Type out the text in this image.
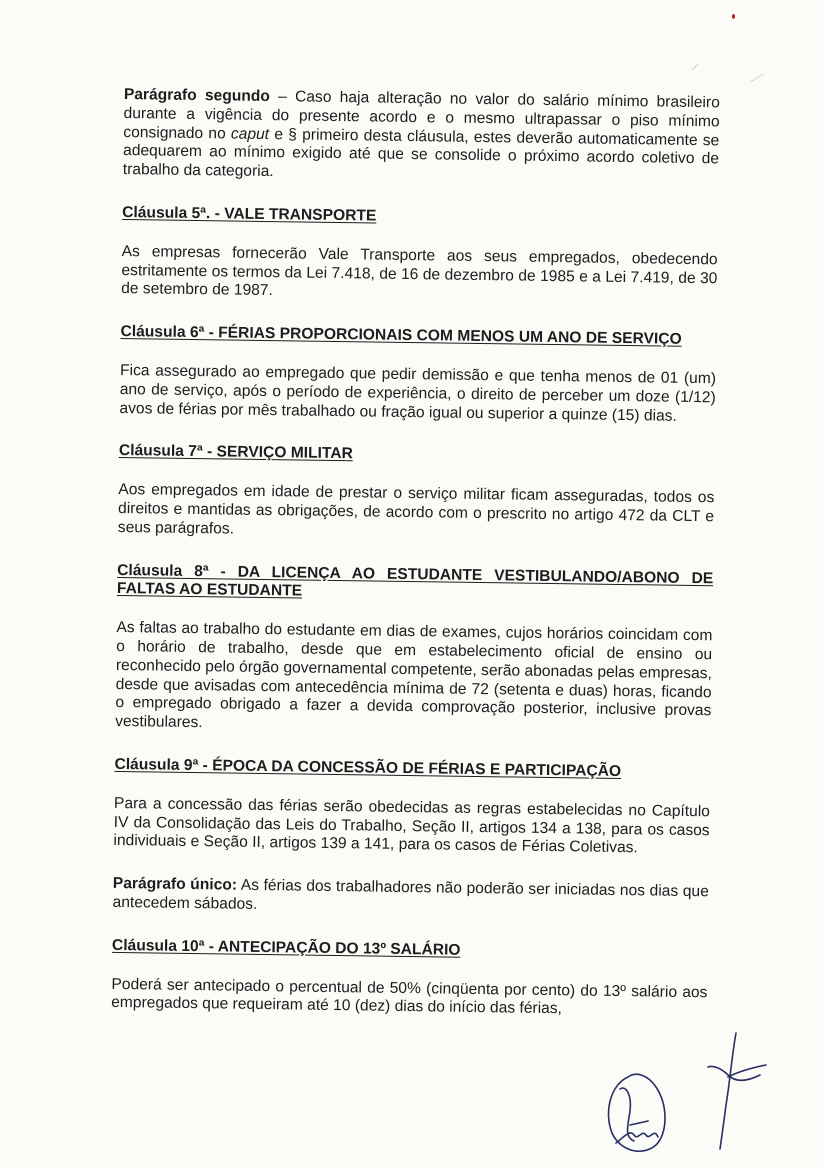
Parágrafo segundo – Caso haja alteração no valor do salário mínimo brasileiro durante a vigência do presente acordo e o mesmo ultrapassar o piso mínimo consignado no caput e § primeiro desta cláusula, estes deverão automaticamente se adequarem ao mínimo exigido até que se consolide o próximo acordo coletivo de trabalho da categoria.

Cláusula 5ª. - VALE TRANSPORTE

As empresas fornecerão Vale Transporte aos seus empregados, obedecendo estritamente os termos da Lei 7.418, de 16 de dezembro de 1985 e a Lei 7.419, de 30 de setembro de 1987.

Cláusula 6ª - FÉRIAS PROPORCIONAIS COM MENOS UM ANO DE SERVIÇO

Fica assegurado ao empregado que pedir demissão e que tenha menos de 01 (um) ano de serviço, após o período de experiência, o direito de perceber um doze (1/12) avos de férias por mês trabalhado ou fração igual ou superior a quinze (15) dias.

Cláusula 7ª - SERVIÇO MILITAR

Aos empregados em idade de prestar o serviço militar ficam asseguradas, todos os direitos e mantidas as obrigações, de acordo com o prescrito no artigo 472 da CLT e seus parágrafos.

Cláusula 8ª - DA LICENÇA AO ESTUDANTE VESTIBULANDO/ABONO DE FALTAS AO ESTUDANTE

As faltas ao trabalho do estudante em dias de exames, cujos horários coincidam com o horário de trabalho, desde que em estabelecimento oficial de ensino ou reconhecido pelo órgão governamental competente, serão abonadas pelas empresas, desde que avisadas com antecedência mínima de 72 (setenta e duas) horas, ficando o empregado obrigado a fazer a devida comprovação posterior, inclusive provas vestibulares.

Cláusula 9ª - ÉPOCA DA CONCESSÃO DE FÉRIAS E PARTICIPAÇÃO

Para a concessão das férias serão obedecidas as regras estabelecidas no Capítulo IV da Consolidação das Leis do Trabalho, Seção II, artigos 134 a 138, para os casos individuais e Seção II, artigos 139 a 141, para os casos de Férias Coletivas.

Parágrafo único: As férias dos trabalhadores não poderão ser iniciadas nos dias que antecedem sábados.

Cláusula 10ª - ANTECIPAÇÃO DO 13º SALÁRIO

Poderá ser antecipado o percentual de 50% (cinqüenta por cento) do 13º salário aos empregados que requeiram até 10 (dez) dias do início das férias,
